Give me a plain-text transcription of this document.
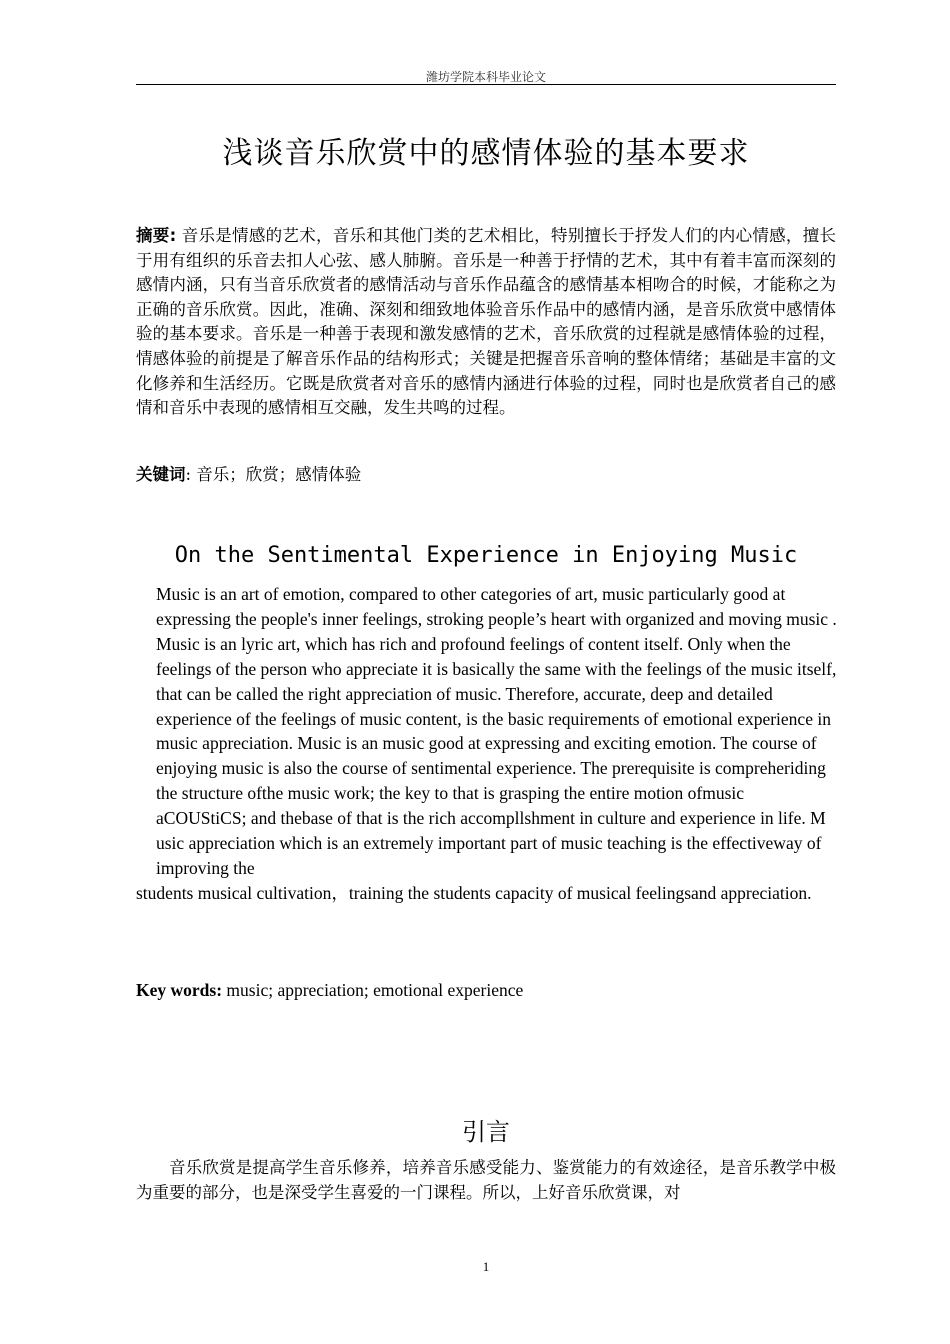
潍坊学院本科毕业论文
浅谈音乐欣赏中的感情体验的基本要求
摘要: 音乐是情感的艺术，音乐和其他门类的艺术相比，特别擅长于抒发人们的内心情感，擅长于用有组织的乐音去扣人心弦、感人肺腑。音乐是一种善于抒情的艺术，其中有着丰富而深刻的感情内涵，只有当音乐欣赏者的感情活动与音乐作品蕴含的感情基本相吻合的时候，才能称之为正确的音乐欣赏。因此，准确、深刻和细致地体验音乐作品中的感情内涵，是音乐欣赏中感情体验的基本要求。音乐是一种善于表现和激发感情的艺术，音乐欣赏的过程就是感情体验的过程，情感体验的前提是了解音乐作品的结构形式；关键是把握音乐音响的整体情绪；基础是丰富的文化修养和生活经历。它既是欣赏者对音乐的感情内涵进行体验的过程，同时也是欣赏者自己的感情和音乐中表现的感情相互交融，发生共鸣的过程。
关键词: 音乐；欣赏；感情体验
On the Sentimental Experience in Enjoying Music

Music is an art of emotion, compared to other categories of art, music particularly good at expressing the people's inner feelings, stroking people’s heart with organized and moving music . Music is an lyric art, which has rich and profound feelings of content itself. Only when the feelings of the person who appreciate it is basically the same with the feelings of the music itself, that can be called the right appreciation of music. Therefore, accurate, deep and detailed experience of the feelings of music content, is the basic requirements of emotional experience in music appreciation. Music is an music good at expressing and exciting emotion. The course of enjoying music is also the course of sentimental experience. The prerequisite is compreheriding the structure ofthe music work; the key to that is grasping the entire motion ofmusic aCOUStiCS; and thebase of that is the rich accompllshment in culture and experience in life. M usic appreciation which is an extremely important part of music teaching is the effectiveway of improving the

students musical cultivation，training the students capacity of musical feelingsand appreciation.

Key words: music; appreciation; emotional experience
引言

音乐欣赏是提高学生音乐修养，培养音乐感受能力、鉴赏能力的有效途径，是音乐教学中极为重要的部分，也是深受学生喜爱的一门课程。所以，上好音乐欣赏课，对

1
